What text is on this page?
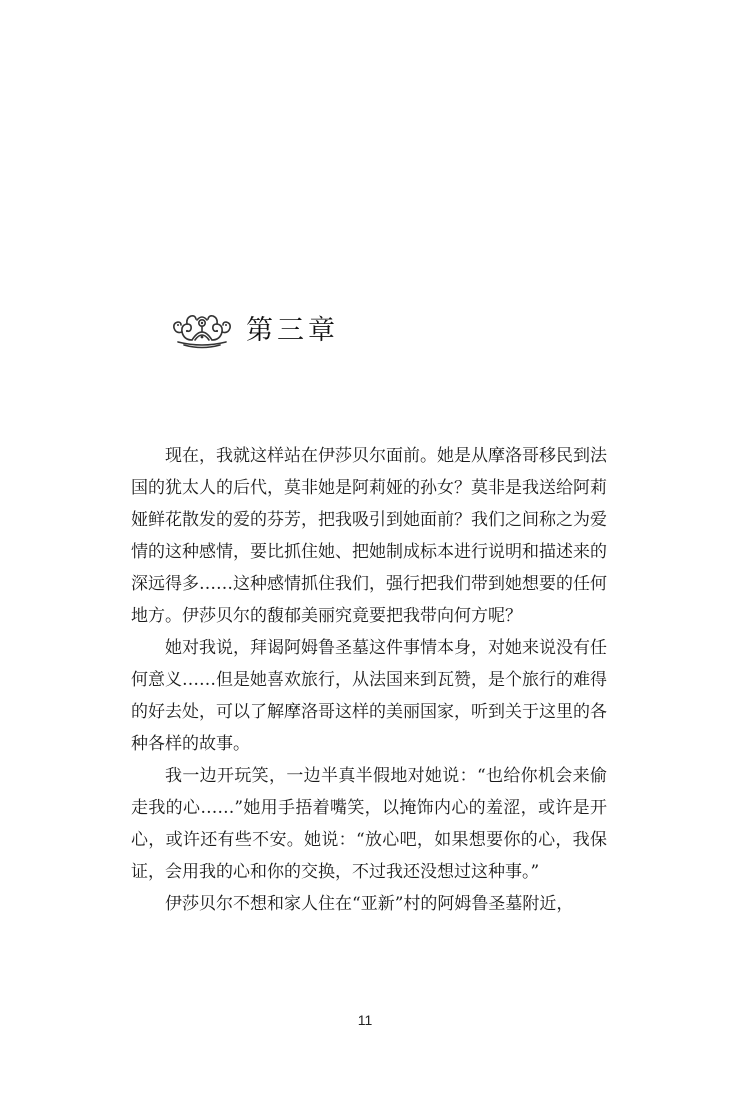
第三章

现在，我就这样站在伊莎贝尔面前。她是从摩洛哥移民到法国的犹太人的后代，莫非她是阿莉娅的孙女？莫非是我送给阿莉娅鲜花散发的爱的芬芳，把我吸引到她面前？我们之间称之为爱情的这种感情，要比抓住她、把她制成标本进行说明和描述来的深远得多……这种感情抓住我们，强行把我们带到她想要的任何地方。伊莎贝尔的馥郁美丽究竟要把我带向何方呢？

她对我说，拜谒阿姆鲁圣墓这件事情本身，对她来说没有任何意义……但是她喜欢旅行，从法国来到瓦赞，是个旅行的难得的好去处，可以了解摩洛哥这样的美丽国家，听到关于这里的各种各样的故事。

我一边开玩笑，一边半真半假地对她说：“也给你机会来偷走我的心……”她用手捂着嘴笑，以掩饰内心的羞涩，或许是开心，或许还有些不安。她说：“放心吧，如果想要你的心，我保证，会用我的心和你的交换，不过我还没想过这种事。”

伊莎贝尔不想和家人住在“亚新”村的阿姆鲁圣墓附近，

11
